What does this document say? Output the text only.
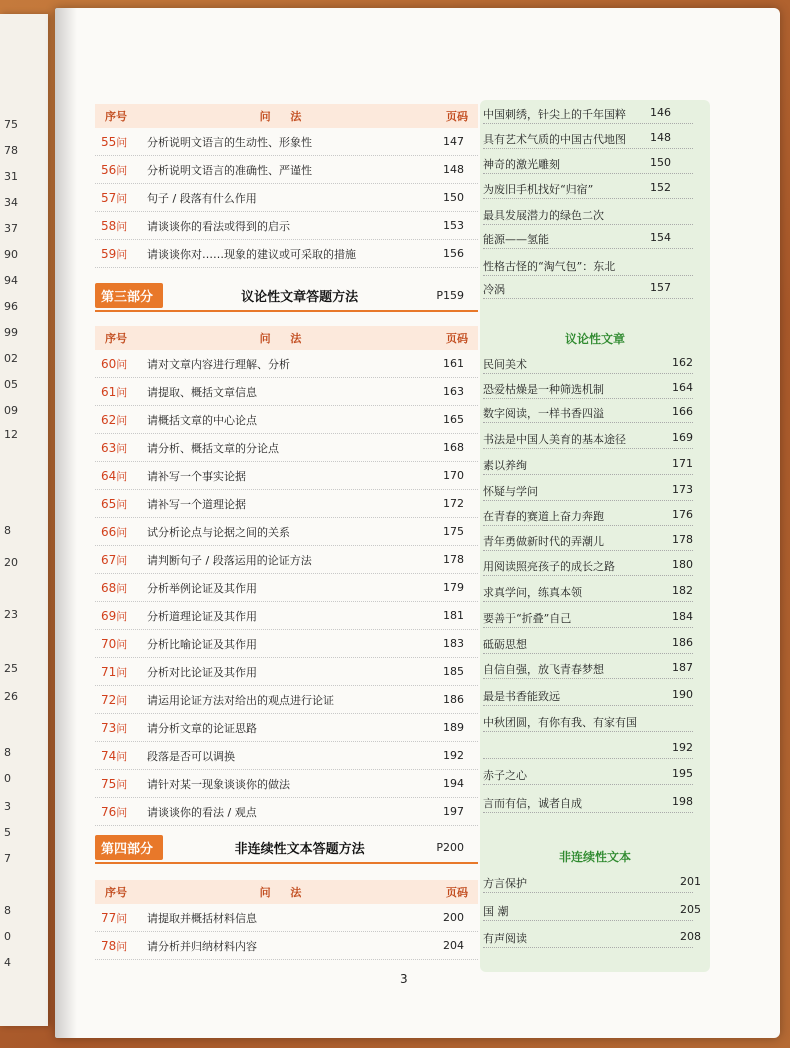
75
78
31
34
37
90
94
96
99
02
05
09
12
8
20
23
25
26
8
0
3
5
7
8
0
4
序号	问 法	页码
55问	分析说明文语言的生动性、形象性	147
56问	分析说明文语言的准确性、严谨性	148
57问	句子 / 段落有什么作用	150
58问	请谈谈你的看法或得到的启示	153
59问	请谈谈你对……现象的建议或可采取的措施	156
第三部分	议论性文章答题方法	P159
序号	问 法	页码
60问	请对文章内容进行理解、分析	161
61问	请提取、概括文章信息	163
62问	请概括文章的中心论点	165
63问	请分析、概括文章的分论点	168
64问	请补写一个事实论据	170
65问	请补写一个道理论据	172
66问	试分析论点与论据之间的关系	175
67问	请判断句子 / 段落运用的论证方法	178
68问	分析举例论证及其作用	179
69问	分析道理论证及其作用	181
70问	分析比喻论证及其作用	183
71问	分析对比论证及其作用	185
72问	请运用论证方法对给出的观点进行论证	186
73问	请分析文章的论证思路	189
74问	段落是否可以调换	192
75问	请针对某一现象谈谈你的做法	194
76问	请谈谈你的看法 / 观点	197
第四部分	非连续性文本答题方法	P200
序号	问 法	页码
77问	请提取并概括材料信息	200
78问	请分析并归纳材料内容	204
议论性文章
非连续性文本
中国刺绣，针尖上的千年国粹 146
具有艺术气质的中国古代地图 148
神奇的激光雕刻	150
为废旧手机找好“归宿”	152
最具发展潜力的绿色二次
能源——氢能	154
性格古怪的“淘气包”：东北
冷涡	157
民间美术	162
恐爱枯燥是一种筛选机制	164
数字阅读，一样书香四溢	166
书法是中国人美育的基本途径	169
素以养绚	171
怀疑与学问	173
在青春的赛道上奋力奔跑	176
青年勇做新时代的弄潮儿	178
用阅读照亮孩子的成长之路	180
求真学问，练真本领	182
要善于“折叠”自己	184
砥砺思想	186
自信自强，放飞青春梦想	187
最是书香能致远	190
中秋团圆，有你有我、有家有国
192
赤子之心	195
言而有信，诚者自成	198
方言保护	201
国 潮	205
有声阅读	208
3
